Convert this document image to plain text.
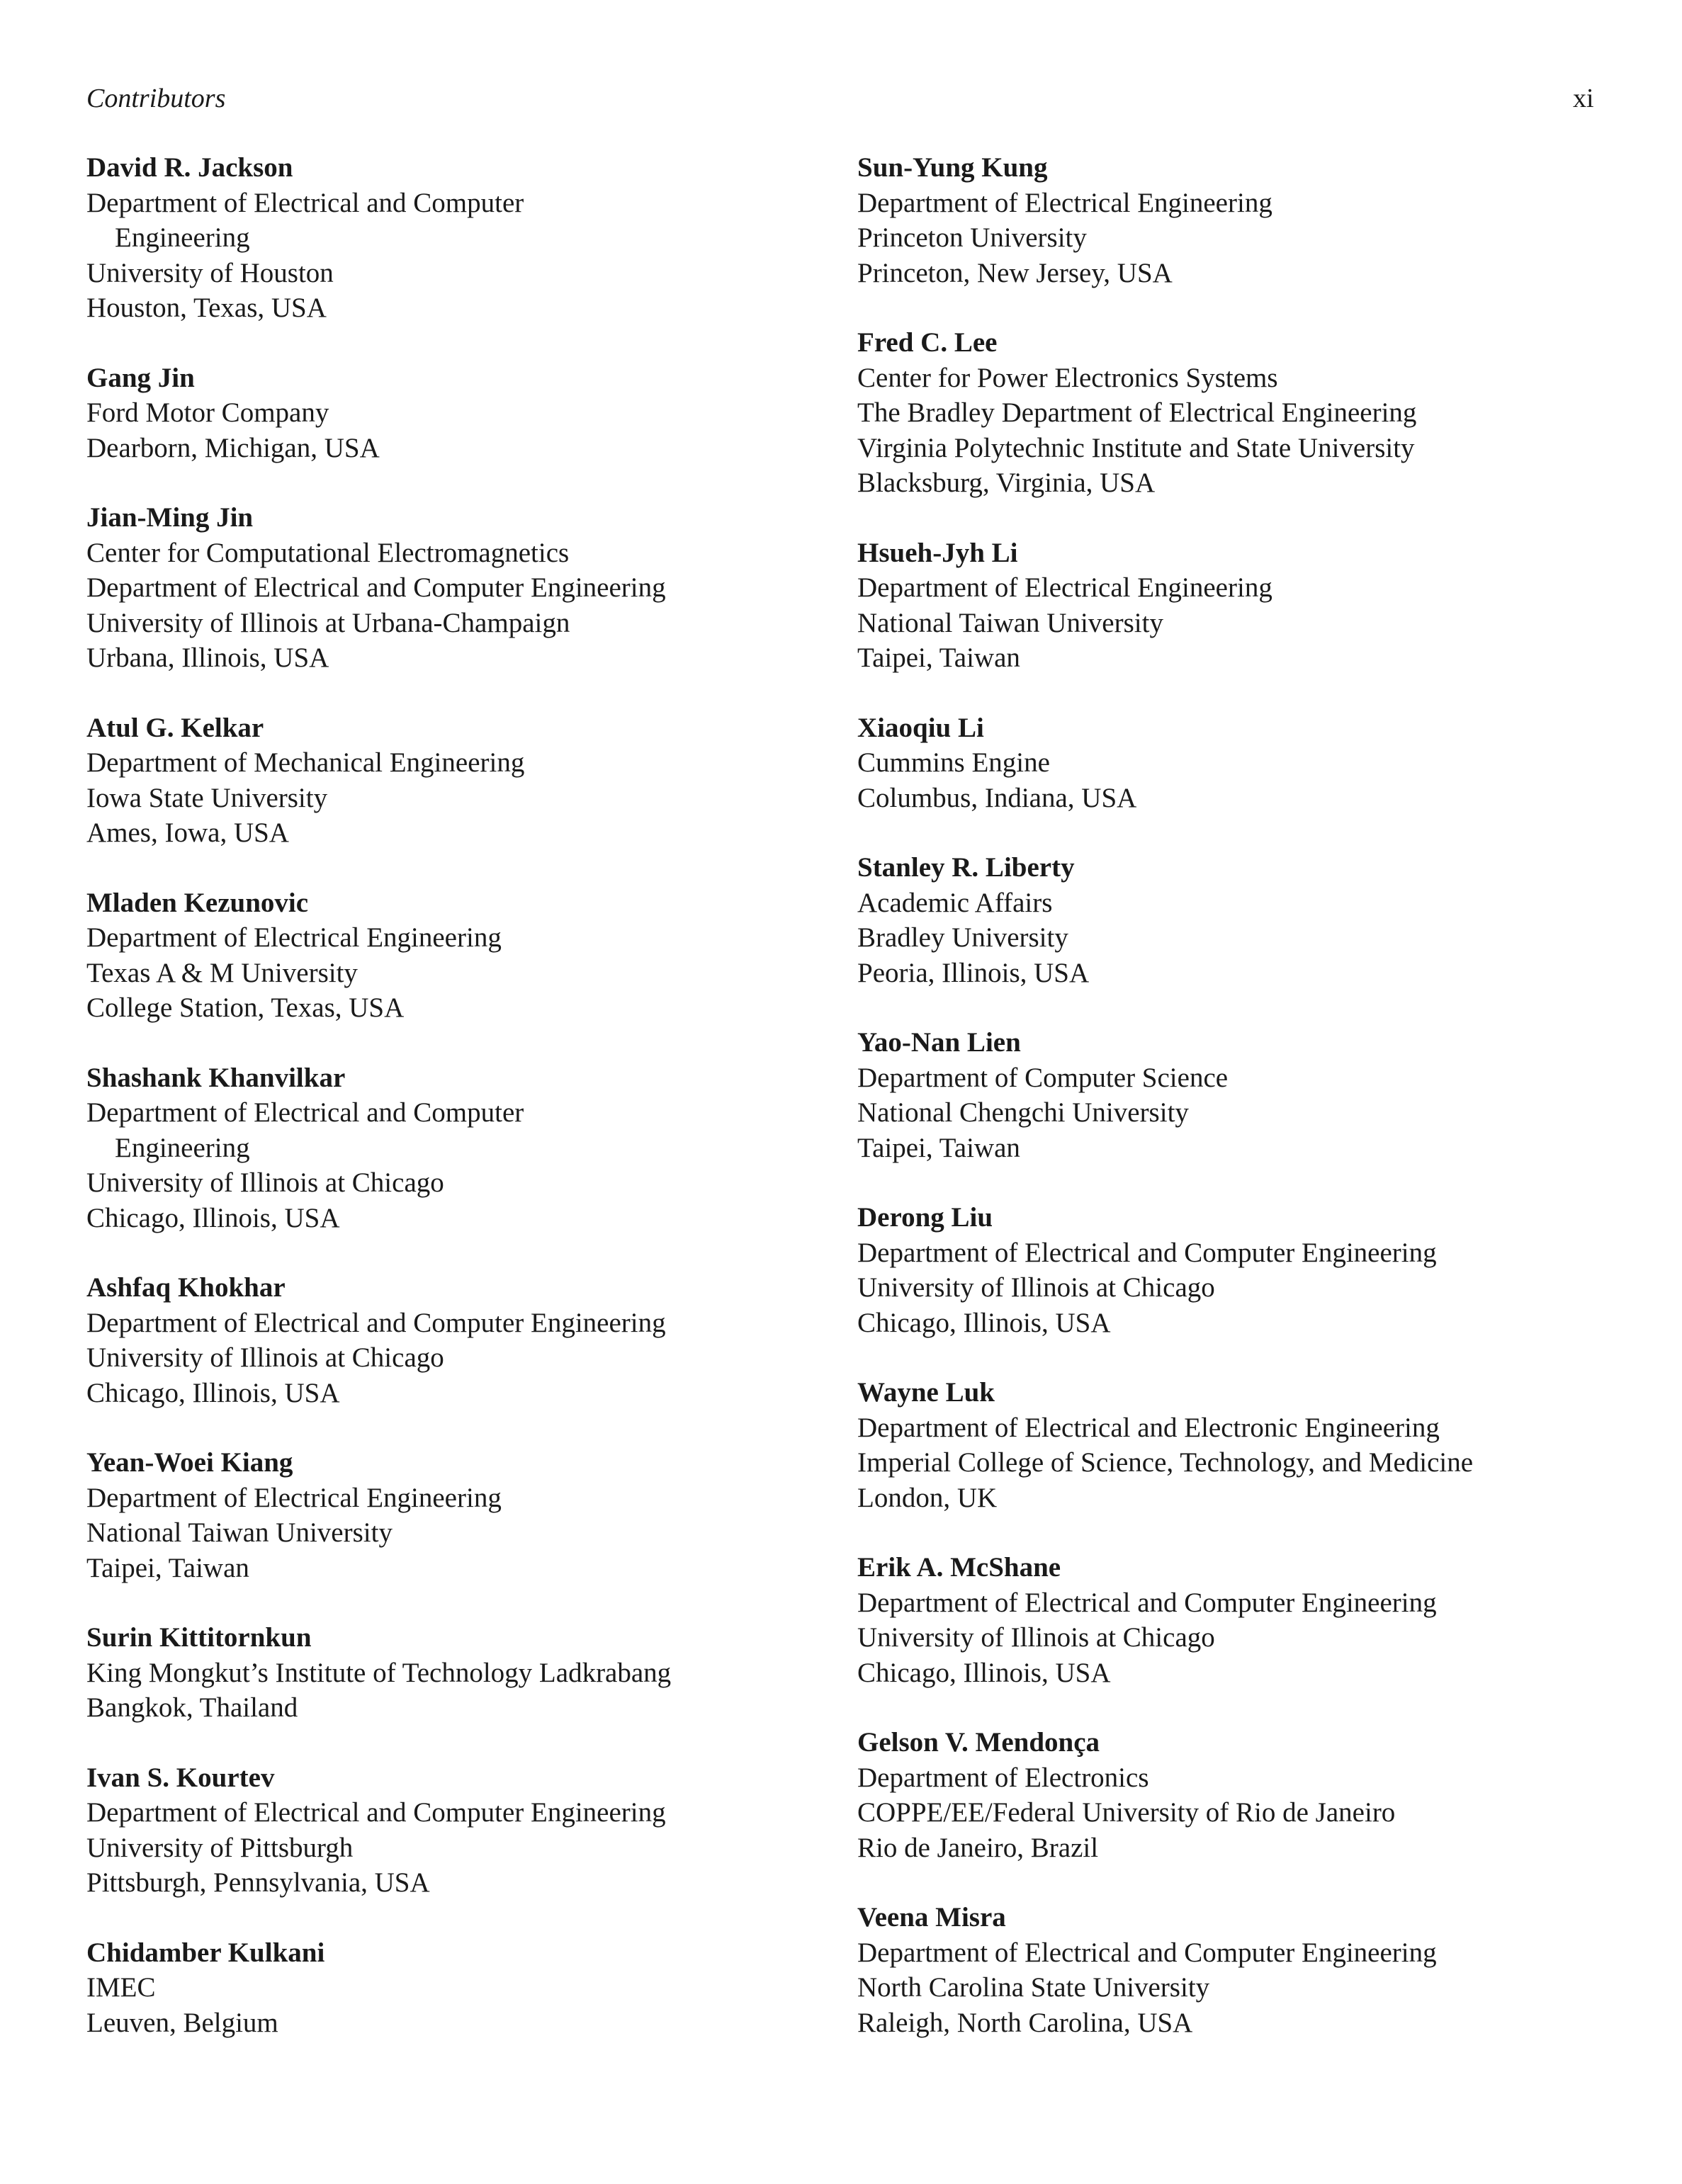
Contributors	xi
David R. Jackson
Department of Electrical and Computer
Engineering
University of Houston
Houston, Texas, USA
Gang Jin
Ford Motor Company
Dearborn, Michigan, USA
Jian-Ming Jin
Center for Computational Electromagnetics
Department of Electrical and Computer Engineering
University of Illinois at Urbana-Champaign
Urbana, Illinois, USA
Atul G. Kelkar
Department of Mechanical Engineering
Iowa State University
Ames, Iowa, USA
Mladen Kezunovic
Department of Electrical Engineering
Texas A & M University
College Station, Texas, USA
Shashank Khanvilkar
Department of Electrical and Computer
Engineering
University of Illinois at Chicago
Chicago, Illinois, USA
Ashfaq Khokhar
Department of Electrical and Computer Engineering
University of Illinois at Chicago
Chicago, Illinois, USA
Yean-Woei Kiang
Department of Electrical Engineering
National Taiwan University
Taipei, Taiwan
Surin Kittitornkun
King Mongkut’s Institute of Technology Ladkrabang
Bangkok, Thailand
Ivan S. Kourtev
Department of Electrical and Computer Engineering
University of Pittsburgh
Pittsburgh, Pennsylvania, USA
Chidamber Kulkani
IMEC
Leuven, Belgium
Sun-Yung Kung
Department of Electrical Engineering
Princeton University
Princeton, New Jersey, USA
Fred C. Lee
Center for Power Electronics Systems
The Bradley Department of Electrical Engineering
Virginia Polytechnic Institute and State University
Blacksburg, Virginia, USA
Hsueh-Jyh Li
Department of Electrical Engineering
National Taiwan University
Taipei, Taiwan
Xiaoqiu Li
Cummins Engine
Columbus, Indiana, USA
Stanley R. Liberty
Academic Affairs
Bradley University
Peoria, Illinois, USA
Yao-Nan Lien
Department of Computer Science
National Chengchi University
Taipei, Taiwan
Derong Liu
Department of Electrical and Computer Engineering
University of Illinois at Chicago
Chicago, Illinois, USA
Wayne Luk
Department of Electrical and Electronic Engineering
Imperial College of Science, Technology, and Medicine
London, UK
Erik A. McShane
Department of Electrical and Computer Engineering
University of Illinois at Chicago
Chicago, Illinois, USA
Gelson V. Mendonça
Department of Electronics
COPPE/EE/Federal University of Rio de Janeiro
Rio de Janeiro, Brazil
Veena Misra
Department of Electrical and Computer Engineering
North Carolina State University
Raleigh, North Carolina, USA
